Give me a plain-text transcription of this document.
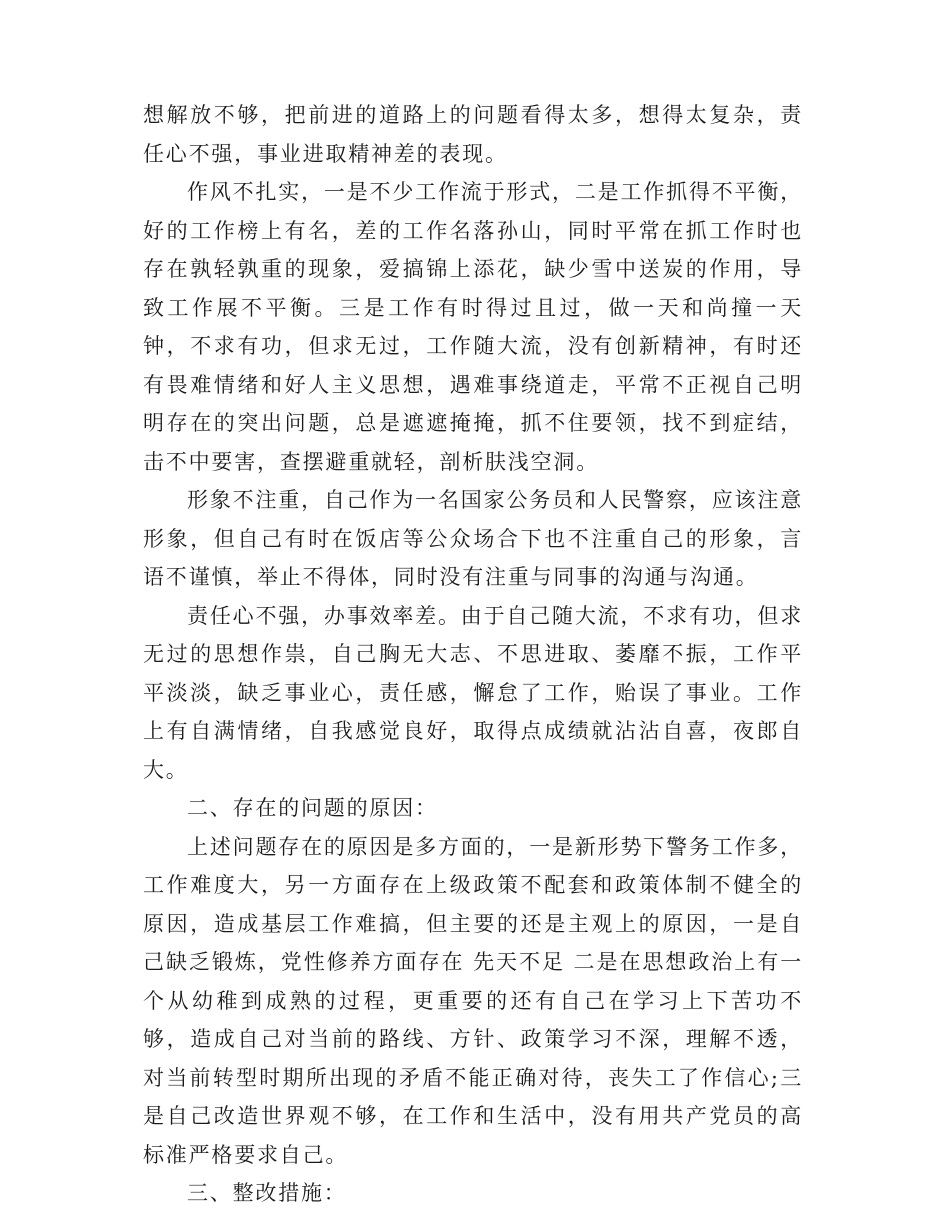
想解放不够，把前进的道路上的问题看得太多，想得太复杂，责任心不强，事业进取精神差的表现。

作风不扎实，一是不少工作流于形式，二是工作抓得不平衡，好的工作榜上有名，差的工作名落孙山，同时平常在抓工作时也存在孰轻孰重的现象，爱搞锦上添花，缺少雪中送炭的作用，导致工作展不平衡。三是工作有时得过且过，做一天和尚撞一天钟，不求有功，但求无过，工作随大流，没有创新精神，有时还有畏难情绪和好人主义思想，遇难事绕道走，平常不正视自己明明存在的突出问题，总是遮遮掩掩，抓不住要领，找不到症结，击不中要害，查摆避重就轻，剖析肤浅空洞。

形象不注重，自己作为一名国家公务员和人民警察，应该注意形象，但自己有时在饭店等公众场合下也不注重自己的形象，言语不谨慎，举止不得体，同时没有注重与同事的沟通与沟通。

责任心不强，办事效率差。由于自己随大流，不求有功，但求无过的思想作祟，自己胸无大志、不思进取、萎靡不振，工作平平淡淡，缺乏事业心，责任感，懈怠了工作，贻误了事业。工作上有自满情绪，自我感觉良好，取得点成绩就沾沾自喜，夜郎自大。

二、存在的问题的原因：

上述问题存在的原因是多方面的，一是新形势下警务工作多，工作难度大，另一方面存在上级政策不配套和政策体制不健全的原因，造成基层工作难搞，但主要的还是主观上的原因，一是自己缺乏锻炼，党性修养方面存在 先天不足 二是在思想政治上有一个从幼稚到成熟的过程，更重要的还有自己在学习上下苦功不够，造成自己对当前的路线、方针、政策学习不深，理解不透，对当前转型时期所出现的矛盾不能正确对待，丧失工了作信心;三是自己改造世界观不够，在工作和生活中，没有用共产党员的高标准严格要求自己。

三、整改措施：
